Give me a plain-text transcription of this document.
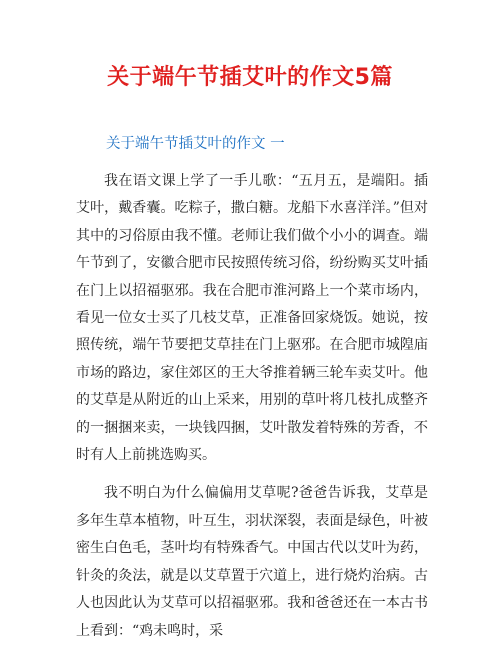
关于端午节插艾叶的作文5篇
关于端午节插艾叶的作文 一

我在语文课上学了一手儿歌：“五月五，是端阳。插艾叶，戴香囊。吃粽子，撒白糖。龙船下水喜洋洋。”但对其中的习俗原由我不懂。老师让我们做个小小的调查。端午节到了，安徽合肥市民按照传统习俗，纷纷购买艾叶插在门上以招福驱邪。我在合肥市淮河路上一个菜市场内，看见一位女士买了几枝艾草，正准备回家烧饭。她说，按照传统，端午节要把艾草挂在门上驱邪。在合肥市城隍庙市场的路边，家住郊区的王大爷推着辆三轮车卖艾叶。他的艾草是从附近的山上采来，用别的草叶将几枝扎成整齐的一捆捆来卖，一块钱四捆，艾叶散发着特殊的芳香，不时有人上前挑选购买。

我不明白为什么偏偏用艾草呢?爸爸告诉我，艾草是多年生草本植物，叶互生，羽状深裂，表面是绿色，叶被密生白色毛，茎叶均有特殊香气。中国古代以艾叶为药，针灸的灸法，就是以艾草置于穴道上，进行烧灼治病。古人也因此认为艾草可以招福驱邪。我和爸爸还在一本古书上看到：“鸡未鸣时，采
